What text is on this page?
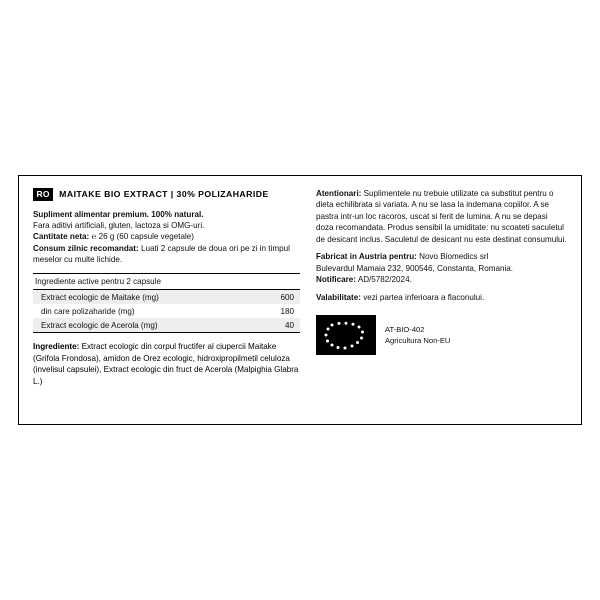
RO	MAITAKE BIO EXTRACT | 30% POLIZAHARIDE
Supliment alimentar premium. 100% natural.
Fara aditivi artificiali, gluten, lactoza si OMG-uri.
Cantitate neta: ℮ 26 g (60 capsule vegetale)
Consum zilnic recomandat: Luati 2 capsule de doua ori pe zi in timpul meselor cu multe lichide.
Ingrediente active pentru 2 capsule	
Extract ecologic de Maitake (mg)	600
din care polizaharide (mg)	180
Extract ecologic de Acerola (mg)	40
Ingrediente: Extract ecologic din corpul fructifer al ciupercii Maitake (Grifola Frondosa), amidon de Orez ecologic, hidroxipropilmetil celuloza (invelisul capsulei), Extract ecologic din fruct de Acerola (Malpighia Glabra L.)
Atentionari: Suplimentele nu trebuie utilizate ca substitut pentru o dieta echilibrata si variata. A nu se lasa la indemana copiilor. A se pastra intr-un loc racoros, uscat si ferit de lumina. A nu se depasi doza recomandata. Produs sensibil la umiditate: nu scoateti saculetul de desicant inclus. Saculetul de desicant nu este destinat consumului.
Fabricat in Austria pentru: Novo Biomedics srl
Bulevardul Mamaia 232, 900546, Constanta, Romania.
Notificare: AD/5782/2024.
Valabilitate: vezi partea inferioara a flaconului.
AT-BIO-402
Agricultura Non-EU
